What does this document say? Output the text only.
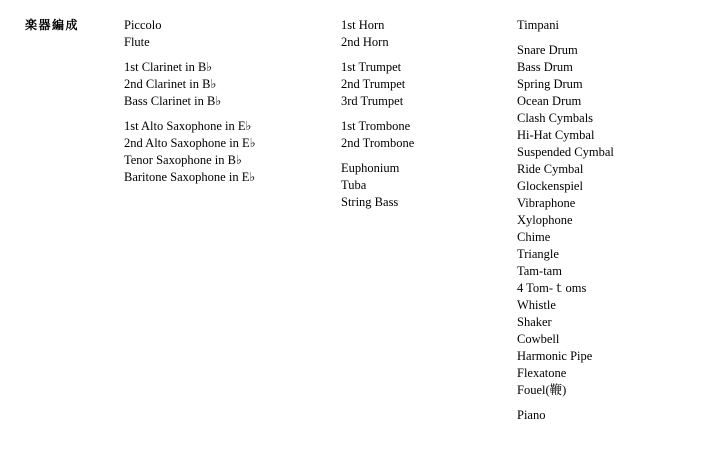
楽器編成	Piccolo
Flute
1st Clarinet in B♭
2nd Clarinet in B♭
Bass Clarinet in B♭
1st Alto Saxophone in E♭
2nd Alto Saxophone in E♭
Tenor Saxophone in B♭
Baritone Saxophone in E♭
1st Horn
2nd Horn
1st Trumpet
2nd Trumpet
3rd Trumpet
1st Trombone
2nd Trombone
Euphonium
Tuba
String Bass
Timpani
Snare Drum
Bass Drum
Spring Drum
Ocean Drum
Clash Cymbals
Hi-Hat Cymbal
Suspended Cymbal
Ride Cymbal
Glockenspiel
Vibraphone
Xylophone
Chime
Triangle
Tam-tam
4 Tom-ｔoms
Whistle
Shaker
Cowbell
Harmonic Pipe
Flexatone
Fouel(鞭)
Piano
